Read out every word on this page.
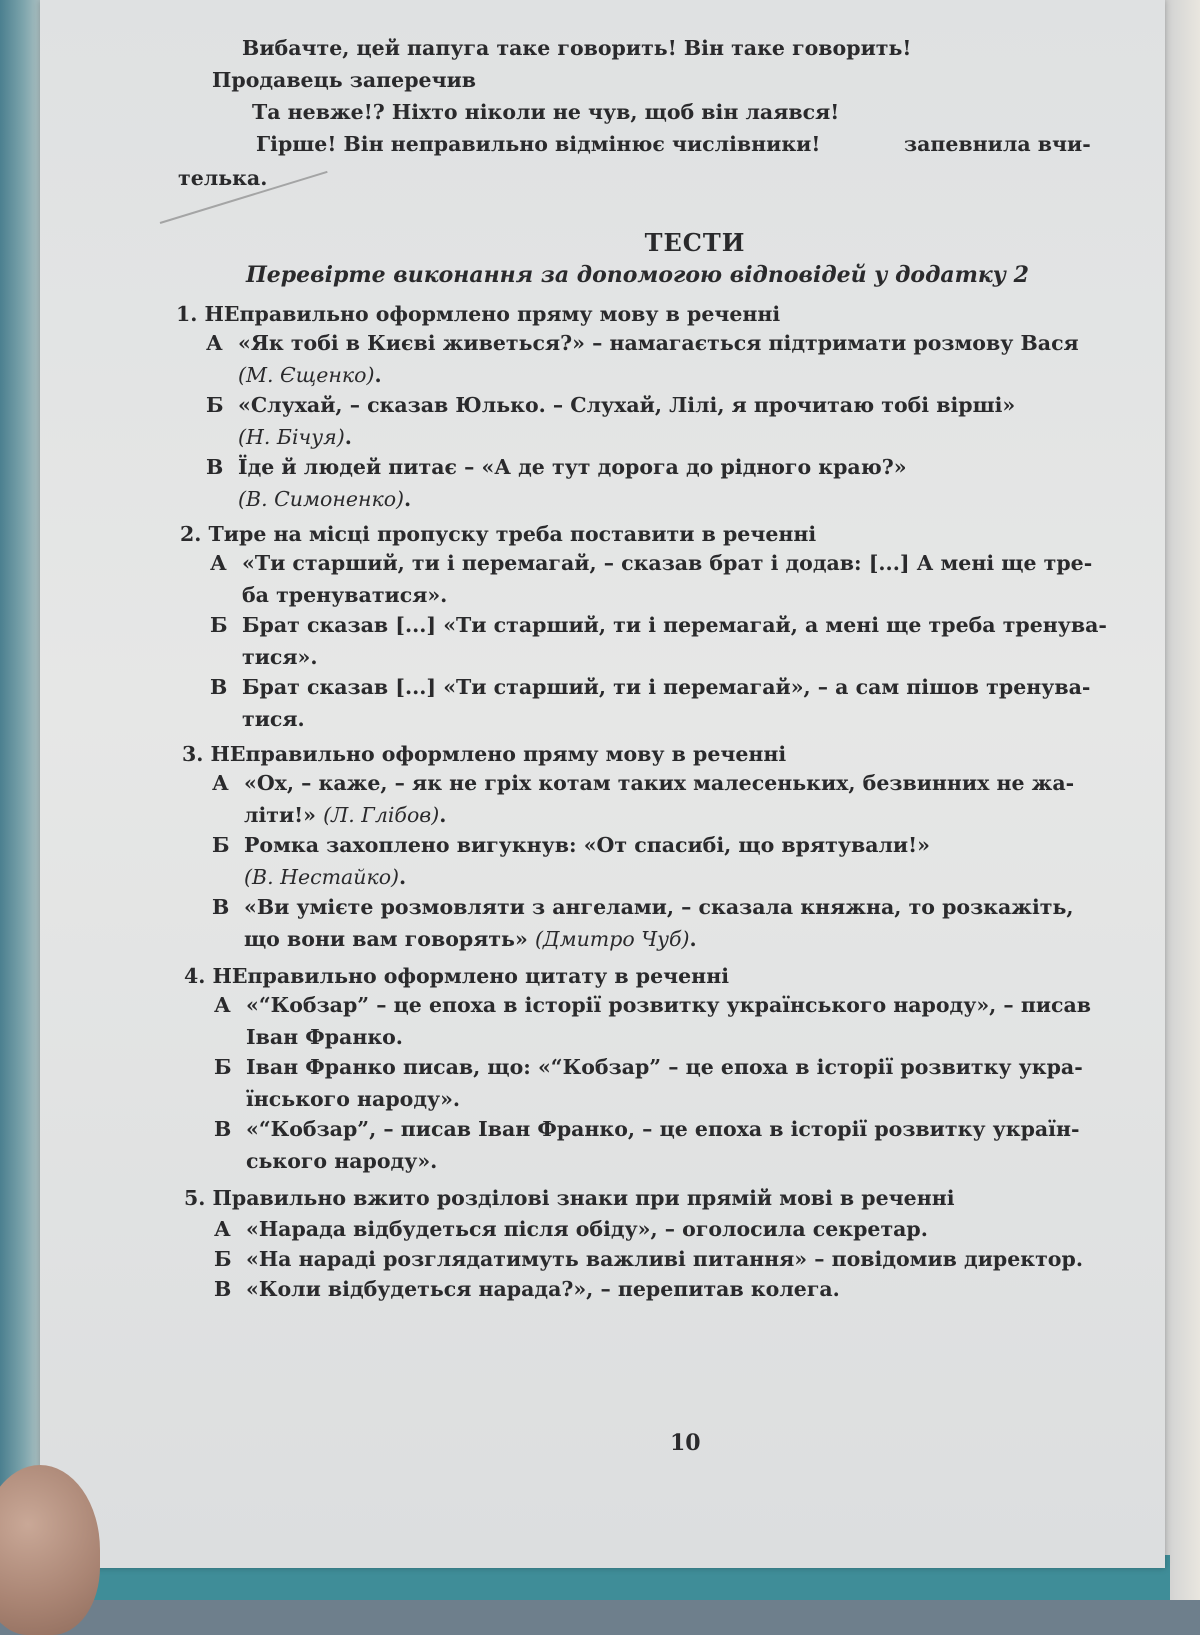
Вибачте, цей папуга таке говорить! Він таке говорить!
Продавець заперечив
Та невже!? Ніхто ніколи не чув, щоб він лаявся!
Гірше! Він неправильно відмінює числівники!	запевнила вчи-
телька.
ТЕСТИ
Перевірте виконання за допомогою відповідей у додатку 2
1. НЕправильно оформлено пряму мову в реченні
А «Як тобі в Києві живеться?» – намагається підтримати розмову Вася
(М. Єщенко).
Б «Слухай, – сказав Юлько. – Слухай, Лілі, я прочитаю тобі вірші»
(Н. Бічуя).
В Їде й людей питає – «А де тут дорога до рідного краю?»
(В. Симоненко).
2. Тире на місці пропуску треба поставити в реченні
А «Ти старший, ти і перемагай, – сказав брат і додав: [...] А мені ще тре-
ба тренуватися».
Б Брат сказав [...] «Ти старший, ти і перемагай, а мені ще треба тренува-
тися».
В Брат сказав [...] «Ти старший, ти і перемагай», – а сам пішов тренува-
тися.
3. НЕправильно оформлено пряму мову в реченні
А «Ох, – каже, – як не гріх котам таких малесеньких, безвинних не жа-
літи!» (Л. Глібов).
Б Ромка захоплено вигукнув: «От спасибі, що врятували!»
(В. Нестайко).
В «Ви умієте розмовляти з ангелами, – сказала княжна, то розкажіть,
що вони вам говорять» (Дмитро Чуб).
4. НЕправильно оформлено цитату в реченні
А «“Кобзар” – це епоха в історії розвитку українського народу», – писав
Іван Франко.
Б Іван Франко писав, що: «“Кобзар” – це епоха в історії розвитку укра-
їнського народу».
В «“Кобзар”, – писав Іван Франко, – це епоха в історії розвитку україн-
ського народу».
5. Правильно вжито розділові знаки при прямій мові в реченні
А «Нарада відбудеться після обіду», – оголосила секретар.
Б «На нараді розглядатимуть важливі питання» – повідомив директор.
В «Коли відбудеться нарада?», – перепитав колега.
10
